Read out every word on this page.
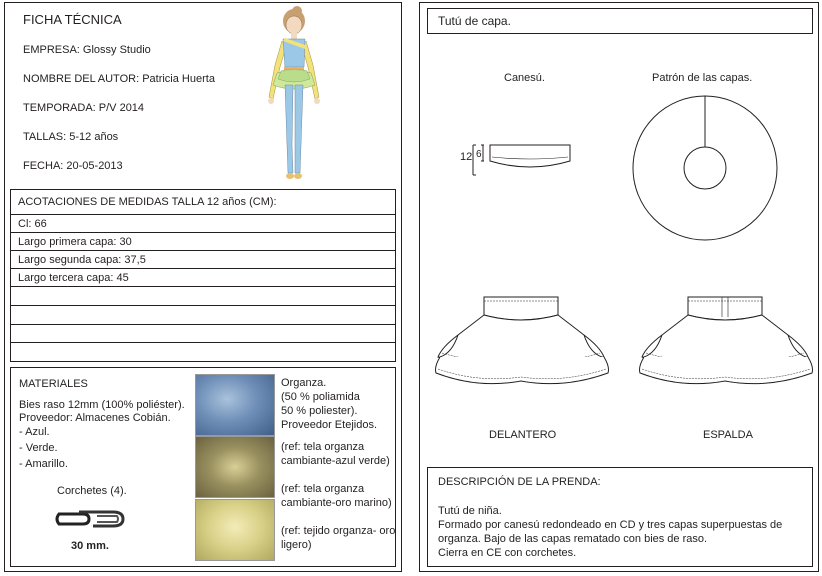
FICHA TÉCNICA
EMPRESA: Glossy Studio
NOMBRE DEL AUTOR: Patricia Huerta
TEMPORADA: P/V 2014
TALLAS: 5-12 años
FECHA: 20-05-2013
ACOTACIONES DE MEDIDAS TALLA 12 años (CM):
Cl: 66
Largo primera capa: 30
Largo segunda capa: 37,5
Largo tercera capa: 45
MATERIALES
Bies raso 12mm (100% poliéster).
Proveedor: Almacenes Cobián.
- Azul.
- Verde.
- Amarillo.
Corchetes (4).
30 mm.
Organza.
(50 % poliamida
50 % poliester).
Proveedor Etejidos.
(ref: tela organza
cambiante-azul verde)
(ref: tela organza
cambiante-oro marino)
(ref: tejido organza- oro
ligero)
Tutú de capa.
Canesú.	Patrón de las capas.
12 6
DELANTERO	ESPALDA
DESCRIPCIÓN DE LA PRENDA:
Tutú de niña.
Formado por canesú redondeado en CD y tres capas superpuestas de
organza. Bajo de las capas rematado con bies de raso.
Cierra en CE con corchetes.
